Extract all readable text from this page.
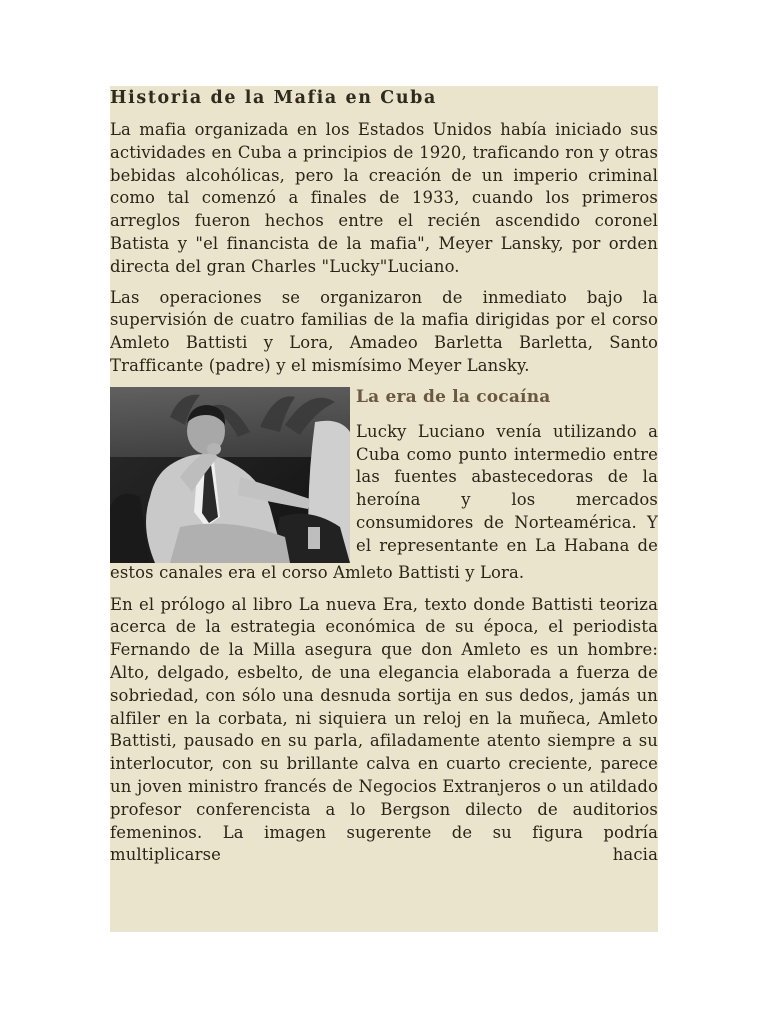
Historia de la Mafia en Cuba

La mafia organizada en los Estados Unidos había iniciado sus actividades en Cuba a principios de 1920, traficando ron y otras bebidas alcohólicas, pero la creación de un imperio criminal como tal comenzó a finales de 1933, cuando los primeros arreglos fueron hechos entre el recién ascendido coronel Batista y "el financista de la mafia", Meyer Lansky, por orden directa del gran Charles "Lucky"Luciano.

Las operaciones se organizaron de inmediato bajo la supervisión de cuatro familias de la mafia dirigidas por el corso Amleto Battisti y Lora, Amadeo Barletta Barletta, Santo Trafficante (padre) y el mismísimo Meyer Lansky.

La era de la cocaína

Lucky Luciano venía utilizando a Cuba como punto intermedio entre las fuentes abastecedoras de la heroína y los mercados consumidores de Norteamérica. Y el representante en La Habana de

estos canales era el corso Amleto Battisti y Lora.

En el prólogo al libro La nueva Era, texto donde Battisti teoriza acerca de la estrategia económica de su época, el periodista Fernando de la Milla asegura que don Amleto es un hombre: Alto, delgado, esbelto, de una elegancia elaborada a fuerza de sobriedad, con sólo una desnuda sortija en sus dedos, jamás un alfiler en la corbata, ni siquiera un reloj en la muñeca, Amleto Battisti, pausado en su parla, afiladamente atento siempre a su interlocutor, con su brillante calva en cuarto creciente, parece un joven ministro francés de Negocios Extranjeros o un atildado profesor conferencista a lo Bergson dilecto de auditorios femeninos. La imagen sugerente de su figura podría multiplicarse hacia
